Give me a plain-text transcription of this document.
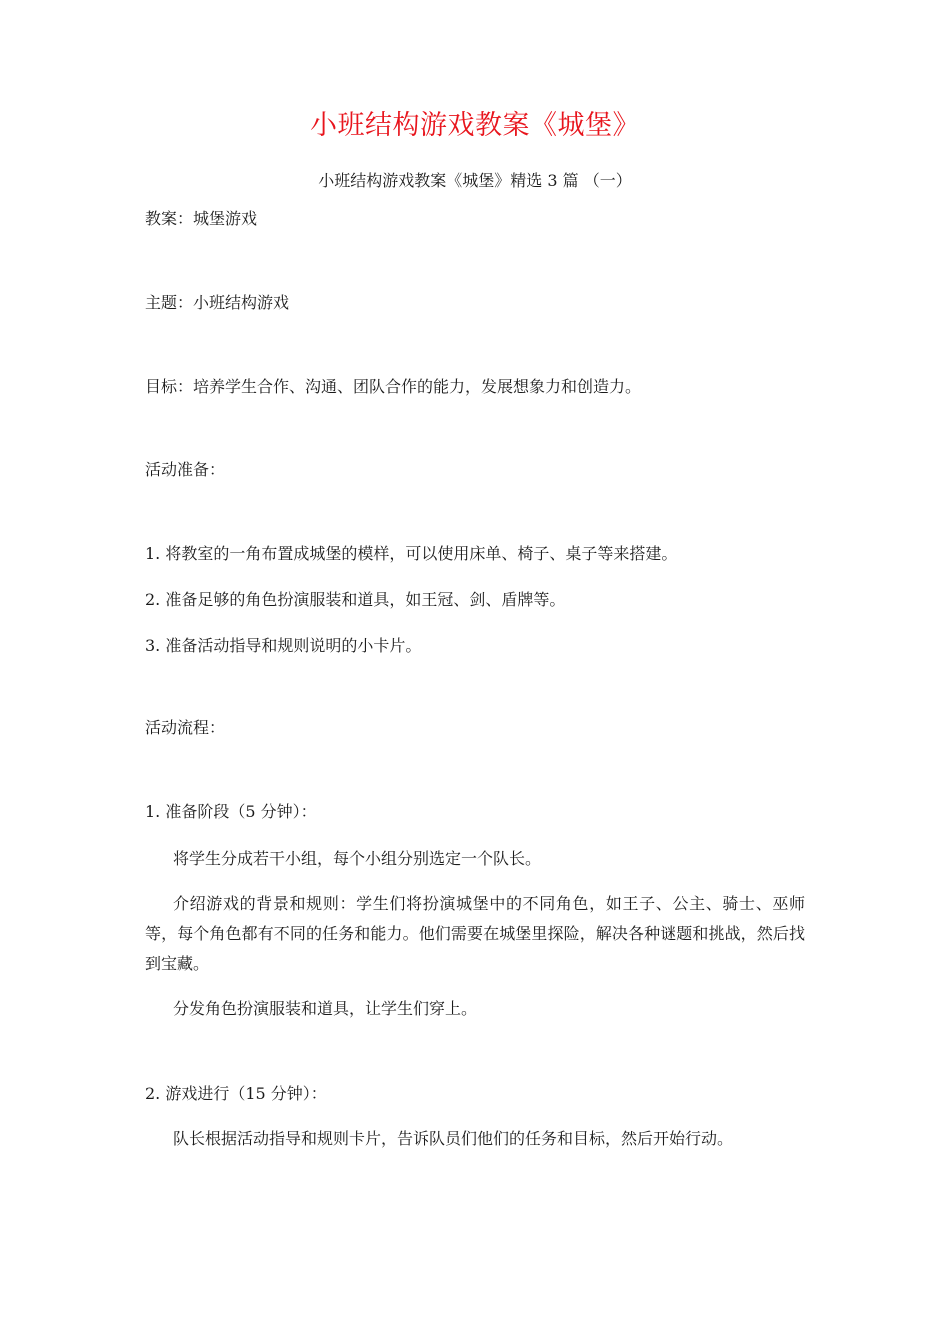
小班结构游戏教案《城堡》
小班结构游戏教案《城堡》精选 3 篇 （一）
教案：城堡游戏
主题：小班结构游戏
目标：培养学生合作、沟通、团队合作的能力，发展想象力和创造力。
活动准备：
1. 将教室的一角布置成城堡的模样，可以使用床单、椅子、桌子等来搭建。
2. 准备足够的角色扮演服装和道具，如王冠、剑、盾牌等。
3. 准备活动指导和规则说明的小卡片。
活动流程：
1. 准备阶段（5 分钟）：
将学生分成若干小组，每个小组分别选定一个队长。
介绍游戏的背景和规则：学生们将扮演城堡中的不同角色，如王子、公主、骑士、巫师等，每个角色都有不同的任务和能力。他们需要在城堡里探险，解决各种谜题和挑战，然后找到宝藏。
分发角色扮演服装和道具，让学生们穿上。
2. 游戏进行（15 分钟）：
队长根据活动指导和规则卡片，告诉队员们他们的任务和目标，然后开始行动。
